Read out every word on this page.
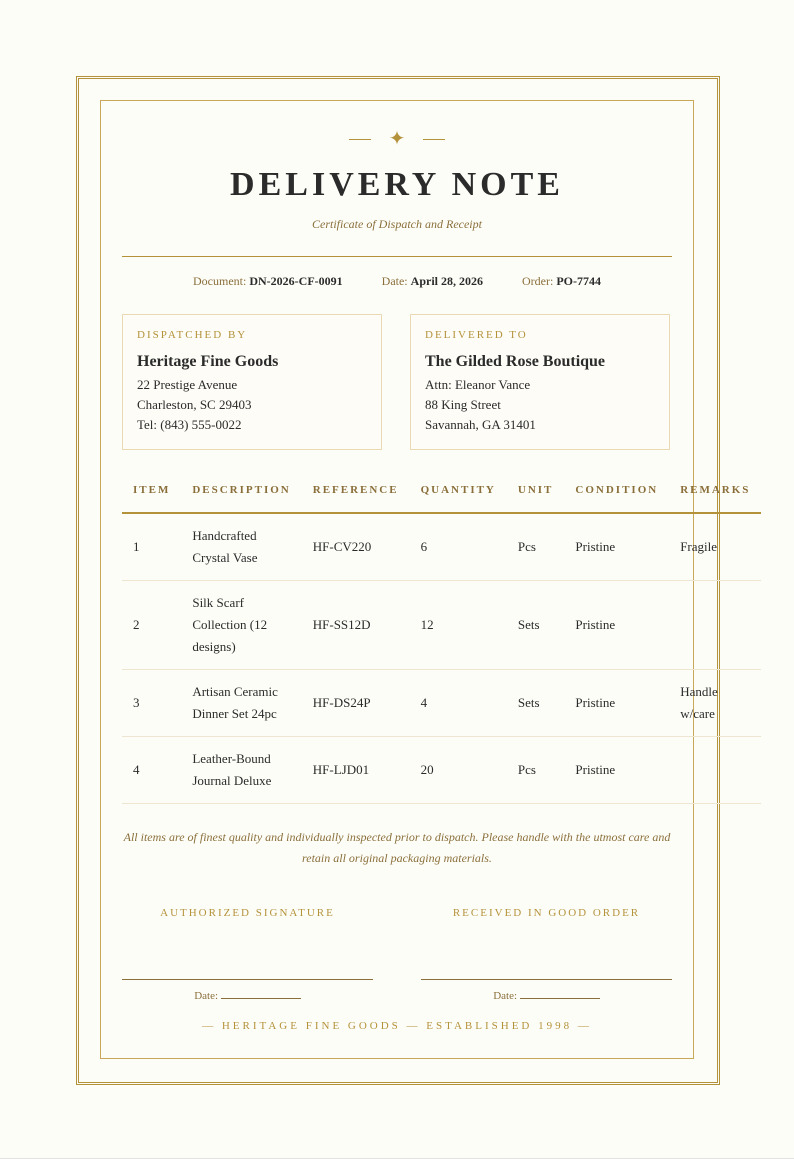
✦
DELIVERY NOTE
Certificate of Dispatch and Receipt
Document: DN-2026-CF-0091	Date: April 28, 2026	Order: PO-7744
DISPATCHED BY
Heritage Fine Goods
22 Prestige Avenue
Charleston, SC 29403
Tel: (843) 555-0022
DELIVERED TO
The Gilded Rose Boutique
Attn: Eleanor Vance
88 King Street
Savannah, GA 31401
ITEM	DESCRIPTION	REFERENCE	QUANTITY	UNIT	CONDITION	REMARKS
1	Handcrafted Crystal Vase	HF-CV220	6	Pcs	Pristine	Fragile
2	Silk Scarf Collection (12 designs)	HF-SS12D	12	Sets	Pristine	
3	Artisan Ceramic Dinner Set 24pc	HF-DS24P	4	Sets	Pristine	Handle w/care
4	Leather-Bound Journal Deluxe	HF-LJD01	20	Pcs	Pristine	
All items are of finest quality and individually inspected prior to dispatch. Please handle with the utmost care and retain all original packaging materials.
AUTHORIZED SIGNATURE
Date:
RECEIVED IN GOOD ORDER
Date:
— HERITAGE FINE GOODS — ESTABLISHED 1998 —
